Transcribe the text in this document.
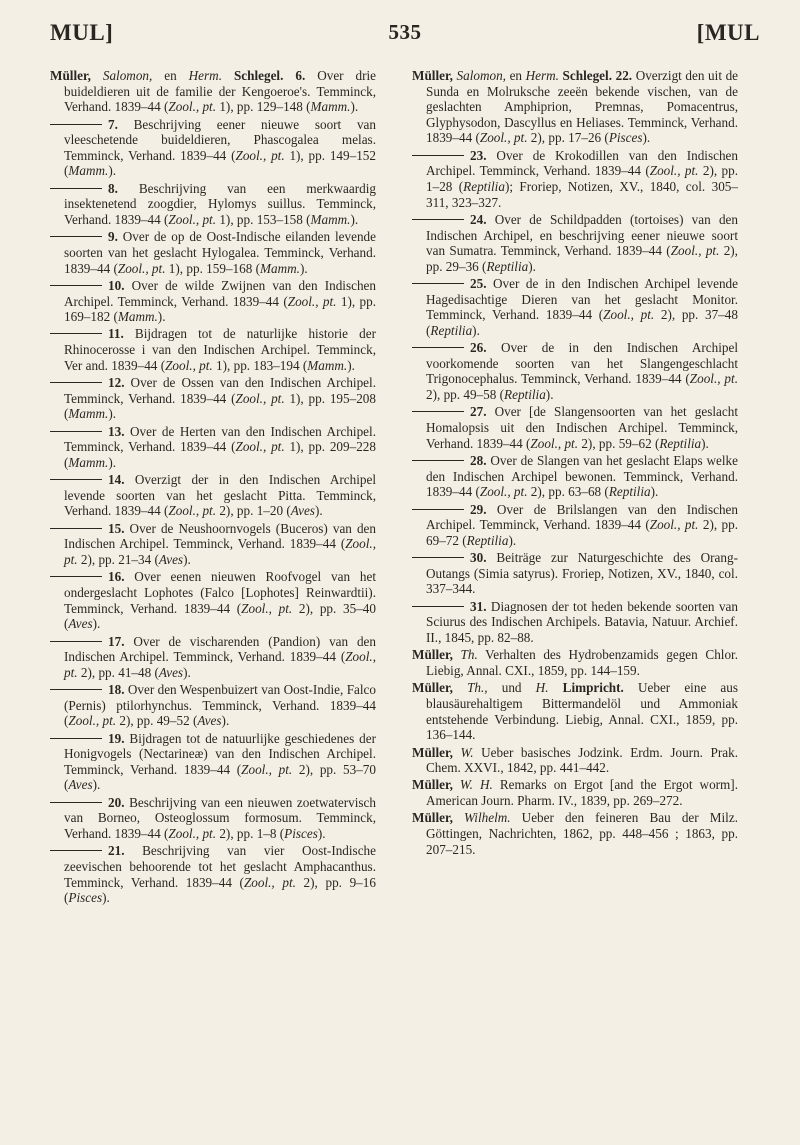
MUL]	535	[MUL

Müller, Salomon, en Herm. Schlegel. 6. Over drie buideldieren uit de familie der Kengoeroe's. Temminck, Verhand. 1839–44 (Zool., pt. 1), pp. 129–148 (Mamm.).

7. Beschrijving eener nieuwe soort van vleeschetende buideldieren, Phascogalea melas. Temminck, Verhand. 1839–44 (Zool., pt. 1), pp. 149–152 (Mamm.).

8. Beschrijving van een merkwaardig insektenetend zoogdier, Hylomys suillus. Temminck, Verhand. 1839–44 (Zool., pt. 1), pp. 153–158 (Mamm.).

9. Over de op de Oost-Indische eilanden levende soorten van het geslacht Hylogalea. Temminck, Verhand. 1839–44 (Zool., pt. 1), pp. 159–168 (Mamm.).

10. Over de wilde Zwijnen van den Indischen Archipel. Temminck, Verhand. 1839–44 (Zool., pt. 1), pp. 169–182 (Mamm.).

11. Bijdragen tot de naturlijke historie der Rhinocerosse i van den Indischen Archipel. Temminck, Ver and. 1839–44 (Zool., pt. 1), pp. 183–194 (Mamm.).

12. Over de Ossen van den Indischen Archipel. Temminck, Verhand. 1839–44 (Zool., pt. 1), pp. 195–208 (Mamm.).

13. Over de Herten van den Indischen Archipel. Temminck, Verhand. 1839–44 (Zool., pt. 1), pp. 209–228 (Mamm.).

14. Overzigt der in den Indischen Archipel levende soorten van het geslacht Pitta. Temminck, Verhand. 1839–44 (Zool., pt. 2), pp. 1–20 (Aves).

15. Over de Neushoornvogels (Buceros) van den Indischen Archipel. Temminck, Verhand. 1839–44 (Zool., pt. 2), pp. 21–34 (Aves).

16. Over eenen nieuwen Roofvogel van het ondergeslacht Lophotes (Falco [Lophotes] Reinwardtii). Temminck, Verhand. 1839–44 (Zool., pt. 2), pp. 35–40 (Aves).

17. Over de vischarenden (Pandion) van den Indischen Archipel. Temminck, Verhand. 1839–44 (Zool., pt. 2), pp. 41–48 (Aves).

18. Over den Wespenbuizert van Oost-Indie, Falco (Pernis) ptilorhynchus. Temminck, Verhand. 1839–44 (Zool., pt. 2), pp. 49–52 (Aves).

19. Bijdragen tot de natuurlijke geschiedenes der Honigvogels (Nectarineæ) van den Indischen Archipel. Temminck, Verhand. 1839–44 (Zool., pt. 2), pp. 53–70 (Aves).

20. Beschrijving van een nieuwen zoetwatervisch van Borneo, Osteoglossum formosum. Temminck, Verhand. 1839–44 (Zool., pt. 2), pp. 1–8 (Pisces).

21. Beschrijving van vier Oost-Indische zeevischen behoorende tot het geslacht Amphacanthus. Temminck, Verhand. 1839–44 (Zool., pt. 2), pp. 9–16 (Pisces).

Müller, Salomon, en Herm. Schlegel. 22. Overzigt den uit de Sunda en Molruksche zeeën bekende vischen, van de geslachten Amphiprion, Premnas, Pomacentrus, Glyphysodon, Dascyllus en Heliases. Temminck, Verhand. 1839–44 (Zool., pt. 2), pp. 17–26 (Pisces).

23. Over de Krokodillen van den Indischen Archipel. Temminck, Verhand. 1839–44 (Zool., pt. 2), pp. 1–28 (Reptilia); Froriep, Notizen, XV., 1840, col. 305–311, 323–327.

24. Over de Schildpadden (tortoises) van den Indischen Archipel, en beschrijving eener nieuwe soort van Sumatra. Temminck, Verhand. 1839–44 (Zool., pt. 2), pp. 29–36 (Reptilia).

25. Over de in den Indischen Archipel levende Hagedisachtige Dieren van het geslacht Monitor. Temminck, Verhand. 1839–44 (Zool., pt. 2), pp. 37–48 (Reptilia).

26. Over de in den Indischen Archipel voorkomende soorten van het Slangengeschlacht Trigonocephalus. Temminck, Verhand. 1839–44 (Zool., pt. 2), pp. 49–58 (Reptilia).

27. Over [de Slangensoorten van het geslacht Homalopsis uit den Indischen Archipel. Temminck, Verhand. 1839–44 (Zool., pt. 2), pp. 59–62 (Reptilia).

28. Over de Slangen van het geslacht Elaps welke den Indischen Archipel bewonen. Temminck, Verhand. 1839–44 (Zool., pt. 2), pp. 63–68 (Reptilia).

29. Over de Brilslangen van den Indischen Archipel. Temminck, Verhand. 1839–44 (Zool., pt. 2), pp. 69–72 (Reptilia).

30. Beiträge zur Naturgeschichte des Orang-Outangs (Simia satyrus). Froriep, Notizen, XV., 1840, col. 337–344.

31. Diagnosen der tot heden bekende soorten van Sciurus des Indischen Archipels. Batavia, Natuur. Archief. II., 1845, pp. 82–88.

Müller, Th. Verhalten des Hydrobenzamids gegen Chlor. Liebig, Annal. CXI., 1859, pp. 144–159.

Müller, Th., und H. Limpricht. Ueber eine aus blausäurehaltigem Bittermandelöl und Ammoniak entstehende Verbindung. Liebig, Annal. CXI., 1859, pp. 136–144.

Müller, W. Ueber basisches Jodzink. Erdm. Journ. Prak. Chem. XXVI., 1842, pp. 441–442.

Müller, W. H. Remarks on Ergot [and the Ergot worm]. American Journ. Pharm. IV., 1839, pp. 269–272.

Müller, Wilhelm. Ueber den feineren Bau der Milz. Göttingen, Nachrichten, 1862, pp. 448–456 ; 1863, pp. 207–215.
